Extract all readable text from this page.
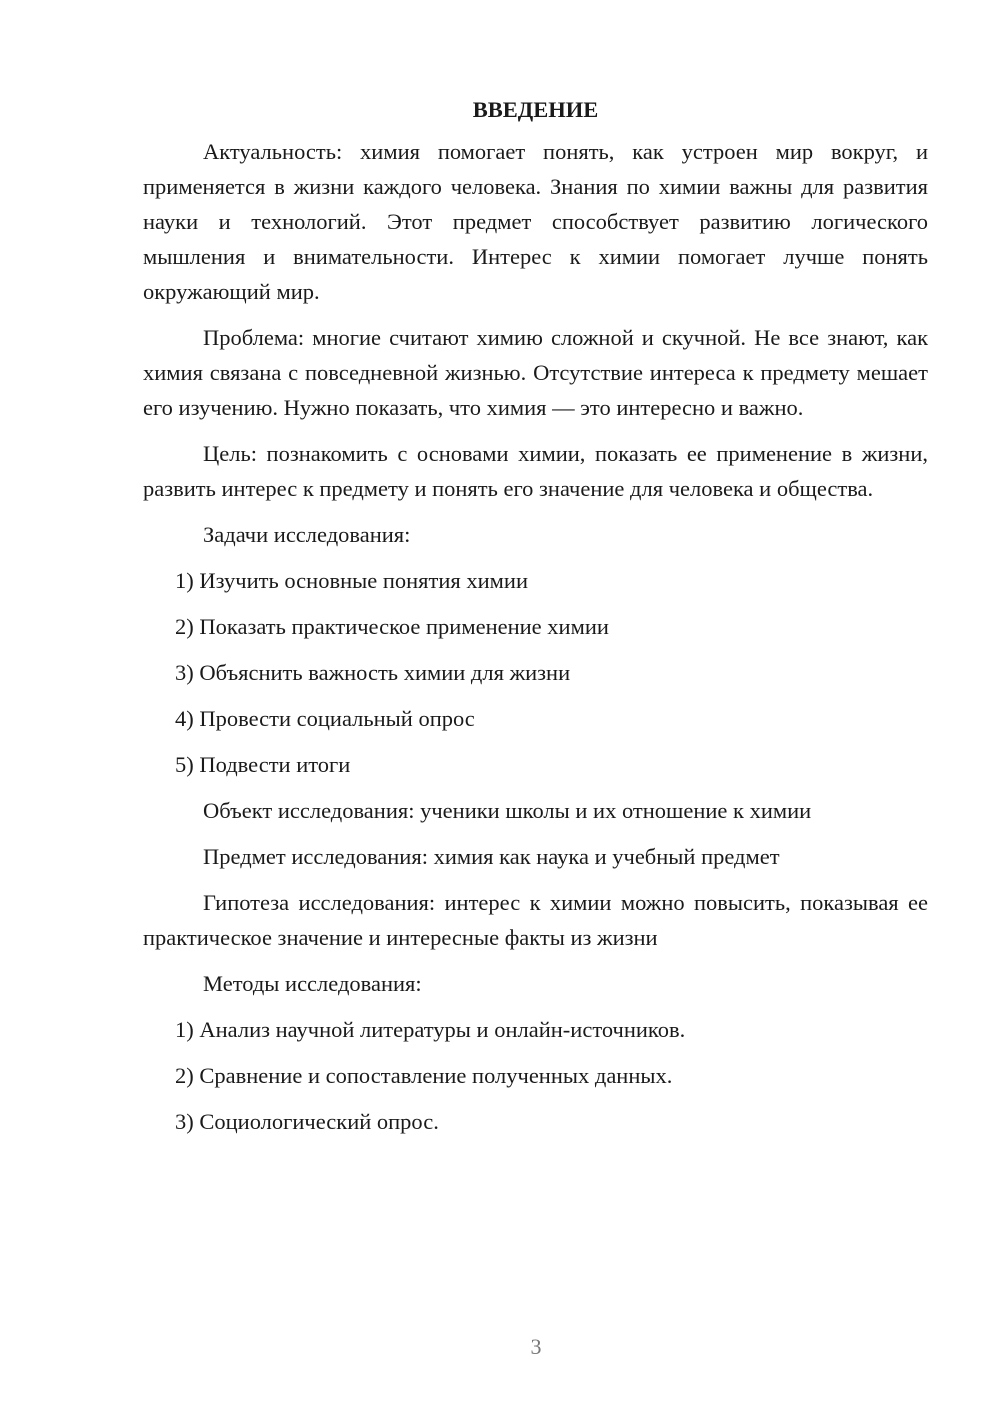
ВВЕДЕНИЕ

Актуальность: химия помогает понять, как устроен мир вокруг, и применяется в жизни каждого человека. Знания по химии важны для развития науки и технологий. Этот предмет способствует развитию логического мышления и внимательности. Интерес к химии помогает лучше понять окружающий мир.

Проблема: многие считают химию сложной и скучной. Не все знают, как химия связана с повседневной жизнью. Отсутствие интереса к предмету мешает его изучению. Нужно показать, что химия — это интересно и важно.

Цель: познакомить с основами химии, показать ее применение в жизни, развить интерес к предмету и понять его значение для человека и общества.

Задачи исследования:

1) Изучить основные понятия химии

2) Показать практическое применение химии

3) Объяснить важность химии для жизни

4) Провести социальный опрос

5) Подвести итоги

Объект исследования: ученики школы и их отношение к химии

Предмет исследования: химия как наука и учебный предмет

Гипотеза исследования: интерес к химии можно повысить, показывая ее практическое значение и интересные факты из жизни

Методы исследования:

1) Анализ научной литературы и онлайн-источников.

2) Сравнение и сопоставление полученных данных.

3) Социологический опрос.

3
